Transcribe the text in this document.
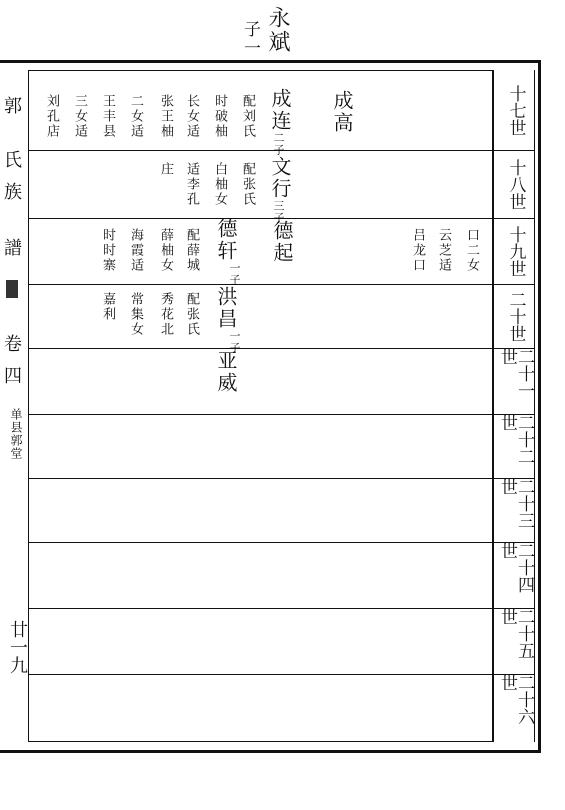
永斌
子一
十七世
十八世
十九世
二十世
二十一世
二十二世
二十三世
二十四世
二十五世
二十六世
郭
氏
族
譜
卷
四
单县郭堂
廿一九
成高
成连
二子
配刘氏
时破柚
长女适
张王柚
二女适
王丰县
三女适
刘孔店
文行
三子
配张氏
白柚女
适李孔
庄
德起
德轩
一子
配薛城
薛柚女
海霞适
时时寨	口二女
云芝适
吕龙口
洪昌
一子
配张氏
秀花北
常集女
嘉利
亚威
